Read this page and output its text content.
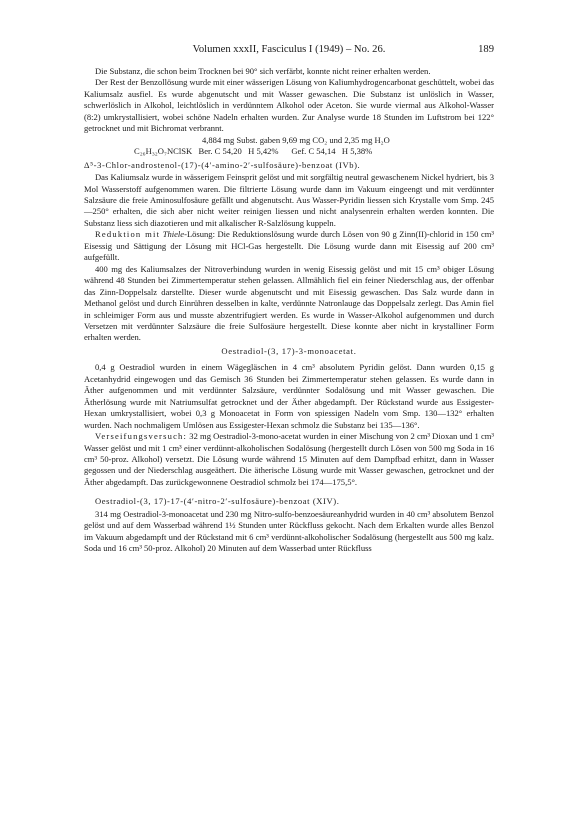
Volumen xxxII, Fasciculus I (1949) – No. 26.	189

Die Substanz, die schon beim Trocknen bei 90° sich verfärbt, konnte nicht reiner erhalten werden.

Der Rest der Benzollösung wurde mit einer wässerigen Lösung von Kaliumhydrogencarbonat geschüttelt, wobei das Kaliumsalz ausfiel. Es wurde abgenutscht und mit Wasser gewaschen. Die Substanz ist unlöslich in Wasser, schwerlöslich in Alkohol, leichtlöslich in verdünntem Alkohol oder Aceton. Sie wurde viermal aus Alkohol-Wasser (8:2) umkrystallisiert, wobei schöne Nadeln erhalten wurden. Zur Analyse wurde 18 Stunden im Luftstrom bei 122° getrocknet und mit Bichromat verbrannt.

4,884 mg Subst. gaben 9,69 mg CO₂ und 2,35 mg H₂O

C₂₆H₃₂O₇NClSK   Ber. C 54,20   H 5,42%      Gef. C 54,14   H 5,38%

Δ⁵-3-Chlor-androstenol-(17)-(4′-amino-2′-sulfosäure)-benzoat (IVb).

Das Kaliumsalz wurde in wässerigem Feinsprit gelöst und mit sorgfältig neutral gewaschenem Nickel hydriert, bis 3 Mol Wasserstoff aufgenommen waren. Die filtrierte Lösung wurde dann im Vakuum eingeengt und mit verdünnter Salzsäure die freie Aminosulfosäure gefällt und abgenutscht. Aus Wasser-Pyridin liessen sich Krystalle vom Smp. 245—250° erhalten, die sich aber nicht weiter reinigen liessen und nicht analysenrein erhalten werden konnten. Die Substanz liess sich diazotieren und mit alkalischer R-Salzlösung kuppeln.

Reduktion mit Thiele-Lösung: Die Reduktionslösung wurde durch Lösen von 90 g Zinn(II)-chlorid in 150 cm³ Eisessig und Sättigung der Lösung mit HCl-Gas hergestellt. Die Lösung wurde dann mit Eisessig auf 200 cm³ aufgefüllt.

400 mg des Kaliumsalzes der Nitroverbindung wurden in wenig Eisessig gelöst und mit 15 cm³ obiger Lösung während 48 Stunden bei Zimmertemperatur stehen gelassen. Allmählich fiel ein feiner Niederschlag aus, der offenbar das Zinn-Doppelsalz darstellte. Dieser wurde abgenutscht und mit Eisessig gewaschen. Das Salz wurde dann in Methanol gelöst und durch Einrühren desselben in kalte, verdünnte Natronlauge das Doppelsalz zerlegt. Das Amin fiel in schleimiger Form aus und musste abzentrifugiert werden. Es wurde in Wasser-Alkohol aufgenommen und durch Versetzen mit verdünnter Salzsäure die freie Sulfosäure hergestellt. Diese konnte aber nicht in krystalliner Form erhalten werden.

Oestradiol-(3, 17)-3-monoacetat.

0,4 g Oestradiol wurden in einem Wägegläschen in 4 cm³ absolutem Pyridin gelöst. Dann wurden 0,15 g Acetanhydrid eingewogen und das Gemisch 36 Stunden bei Zimmertemperatur stehen gelassen. Es wurde dann in Äther aufgenommen und mit verdünnter Salzsäure, verdünnter Sodalösung und mit Wasser gewaschen. Die Ätherlösung wurde mit Natriumsulfat getrocknet und der Äther abgedampft. Der Rückstand wurde aus Essigester-Hexan umkrystallisiert, wobei 0,3 g Monoacetat in Form von spiessigen Nadeln vom Smp. 130—132° erhalten wurden. Nach nochmaligem Umlösen aus Essigester-Hexan schmolz die Substanz bei 135—136°.

Verseifungsversuch: 32 mg Oestradiol-3-mono-acetat wurden in einer Mischung von 2 cm³ Dioxan und 1 cm³ Wasser gelöst und mit 1 cm³ einer verdünnt-alkoholischen Sodalösung (hergestellt durch Lösen von 500 mg Soda in 16 cm³ 50-proz. Alkohol) versetzt. Die Lösung wurde während 15 Minuten auf dem Dampfbad erhitzt, dann in Wasser gegossen und der Niederschlag ausgeäthert. Die ätherische Lösung wurde mit Wasser gewaschen, getrocknet und der Äther abgedampft. Das zurückgewonnene Oestradiol schmolz bei 174—175,5°.

Oestradiol-(3, 17)-17-(4′-nitro-2′-sulfosäure)-benzoat (XIV).

314 mg Oestradiol-3-monoacetat und 230 mg Nitro-sulfo-benzoesäureanhydrid wurden in 40 cm³ absolutem Benzol gelöst und auf dem Wasserbad während 1½ Stunden unter Rückfluss gekocht. Nach dem Erkalten wurde alles Benzol im Vakuum abgedampft und der Rückstand mit 6 cm³ verdünnt-alkoholischer Sodalösung (hergestellt aus 500 mg kalz. Soda und 16 cm³ 50-proz. Alkohol) 20 Minuten auf dem Wasserbad unter Rückfluss
